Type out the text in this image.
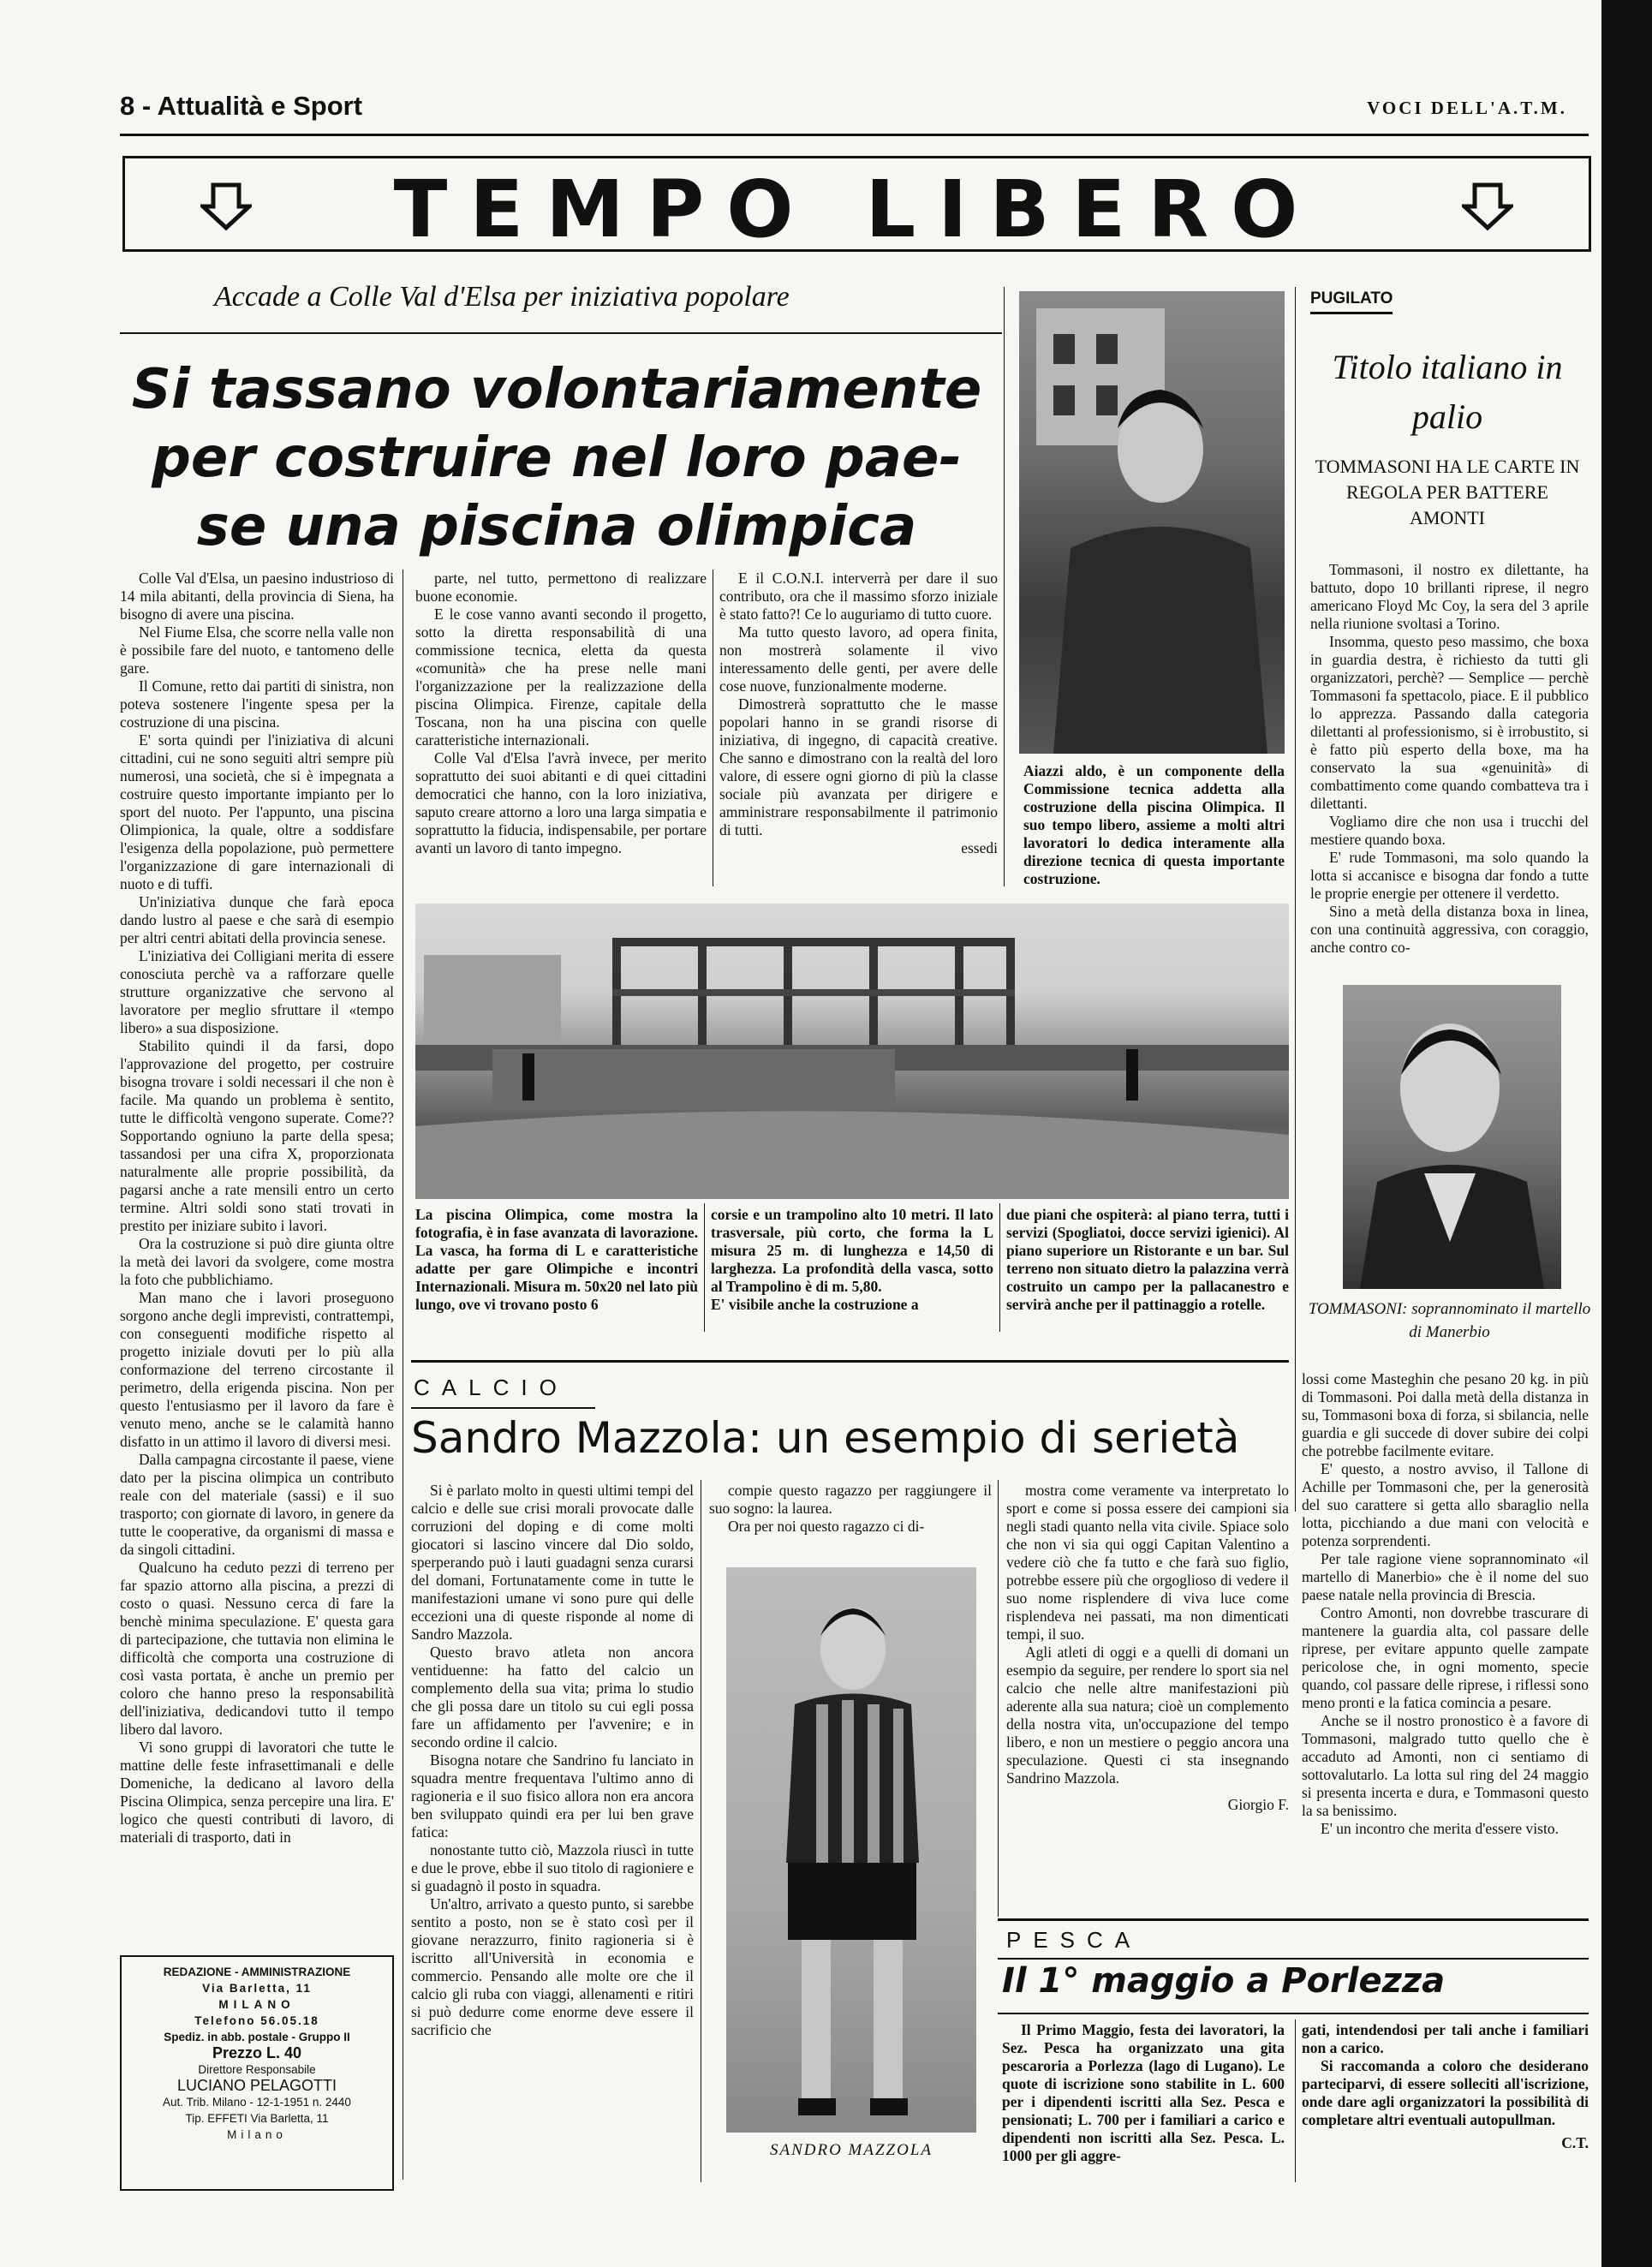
8 - Attualità e Sport	VOCI DELL'A.T.M.
TEMPO LIBERO
Accade a Colle Val d'Elsa per iniziativa popolare
Si tassano volontariamente
per costruire nel loro pae-
se una piscina olimpica

Colle Val d'Elsa, un paesino industrioso di 14 mila abitanti, della provincia di Siena, ha bisogno di avere una piscina.

Nel Fiume Elsa, che scorre nella valle non è possibile fare del nuoto, e tantomeno delle gare.

Il Comune, retto dai partiti di sinistra, non poteva sostenere l'ingente spesa per la costruzione di una piscina.

E' sorta quindi per l'iniziativa di alcuni cittadini, cui ne sono seguiti altri sempre più numerosi, una società, che si è impegnata a costruire questo importante impianto per lo sport del nuoto. Per l'appunto, una piscina Olimpionica, la quale, oltre a soddisfare l'esigenza della popolazione, può permettere l'organizzazione di gare internazionali di nuoto e di tuffi.

Un'iniziativa dunque che farà epoca dando lustro al paese e che sarà di esempio per altri centri abitati della provincia senese.

L'iniziativa dei Colligiani merita di essere conosciuta perchè va a rafforzare quelle strutture organizzative che servono al lavoratore per meglio sfruttare il «tempo libero» a sua disposizione.

Stabilito quindi il da farsi, dopo l'approvazione del progetto, per costruire bisogna trovare i soldi necessari il che non è facile. Ma quando un problema è sentito, tutte le difficoltà vengono superate. Come?? Sopportando ogniuno la parte della spesa; tassandosi per una cifra X, proporzionata naturalmente alle proprie possibilità, da pagarsi anche a rate mensili entro un certo termine. Altri soldi sono stati trovati in prestito per iniziare subito i lavori.

Ora la costruzione si può dire giunta oltre la metà dei lavori da svolgere, come mostra la foto che pubblichiamo.

Man mano che i lavori proseguono sorgono anche degli imprevisti, contrattempi, con conseguenti modifiche rispetto al progetto iniziale dovuti per lo più alla conformazione del terreno circostante il perimetro, della erigenda piscina. Non per questo l'entusiasmo per il lavoro da fare è venuto meno, anche se le calamità hanno disfatto in un attimo il lavoro di diversi mesi.

Dalla campagna circostante il paese, viene dato per la piscina olimpica un contributo reale con del materiale (sassi) e il suo trasporto; con giornate di lavoro, in genere da tutte le cooperative, da organismi di massa e da singoli cittadini.

Qualcuno ha ceduto pezzi di terreno per far spazio attorno alla piscina, a prezzi di costo o quasi. Nessuno cerca di fare la benchè minima speculazione. E' questa gara di partecipazione, che tuttavia non elimina le difficoltà che comporta una costruzione di così vasta portata, è anche un premio per coloro che hanno preso la responsabilità dell'iniziativa, dedicandovi tutto il tempo libero dal lavoro.

Vi sono gruppi di lavoratori che tutte le mattine delle feste infrasettimanali e delle Domeniche, la dedicano al lavoro della Piscina Olimpica, senza percepire una lira. E' logico che questi contributi di lavoro, di materiali di trasporto, dati in

parte, nel tutto, permettono di realizzare buone economie.

E le cose vanno avanti secondo il progetto, sotto la diretta responsabilità di una commissione tecnica, eletta da questa «comunità» che ha prese nelle mani l'organizzazione per la realizzazione della piscina Olimpica. Firenze, capitale della Toscana, non ha una piscina con quelle caratteristiche internazionali.

Colle Val d'Elsa l'avrà invece, per merito soprattutto dei suoi abitanti e di quei cittadini democratici che hanno, con la loro iniziativa, saputo creare attorno a loro una larga simpatia e soprattutto la fiducia, indispensabile, per portare avanti un lavoro di tanto impegno.

E il C.O.N.I. interverrà per dare il suo contributo, ora che il massimo sforzo iniziale è stato fatto?! Ce lo auguriamo di tutto cuore.

Ma tutto questo lavoro, ad opera finita, non mostrerà solamente il vivo interessamento delle genti, per avere delle cose nuove, funzionalmente moderne.

Dimostrerà soprattutto che le masse popolari hanno in se grandi risorse di iniziativa, di ingegno, di capacità creative. Che sanno e dimostrano con la realtà del loro valore, di essere ogni giorno di più la classe sociale più avanzata per dirigere e amministrare responsabilmente il patrimonio di tutti.

essedi
Aiazzi aldo, è un componente della Commissione tecnica addetta alla costruzione della piscina Olimpica. Il suo tempo libero, assieme a molti altri lavoratori lo dedica interamente alla direzione tecnica di questa importante costruzione.
La piscina Olimpica, come mostra la fotografia, è in fase avanzata di lavorazione. La vasca, ha forma di L e caratteristiche adatte per gare Olimpiche e incontri Internazionali. Misura m. 50x20 nel lato più lungo, ove vi trovano posto 6
corsie e un trampolino alto 10 metri. Il lato trasversale, più corto, che forma la L misura 25 m. di lunghezza e 14,50 di larghezza. La profondità della vasca, sotto al Trampolino è di m. 5,80.
E' visibile anche la costruzione a
due piani che ospiterà: al piano terra, tutti i servizi (Spogliatoi, docce servizi igienici). Al piano superiore un Ristorante e un bar. Sul terreno non situato dietro la palazzina verrà costruito un campo per la pallacanestro e servirà anche per il pattinaggio a rotelle.
PUGILATO
Titolo italiano in palio
TOMMASONI HA LE CARTE IN REGOLA PER BATTERE AMONTI

Tommasoni, il nostro ex dilettante, ha battuto, dopo 10 brillanti riprese, il negro americano Floyd Mc Coy, la sera del 3 aprile nella riunione svoltasi a Torino.

Insomma, questo peso massimo, che boxa in guardia destra, è richiesto da tutti gli organizzatori, perchè? — Semplice — perchè Tommasoni fa spettacolo, piace. E il pubblico lo apprezza. Passando dalla categoria dilettanti al professionismo, si è irrobustito, si è fatto più esperto della boxe, ma ha conservato la sua «genuinità» di combattimento come quando combatteva tra i dilettanti.

Vogliamo dire che non usa i trucchi del mestiere quando boxa.

E' rude Tommasoni, ma solo quando la lotta si accanisce e bisogna dar fondo a tutte le proprie energie per ottenere il verdetto.

Sino a metà della distanza boxa in linea, con una continuità aggressiva, con coraggio, anche contro co-

TOMMASONI: soprannominato il martello di Manerbio
CALCIO
Sandro Mazzola: un esempio di serietà

Si è parlato molto in questi ultimi tempi del calcio e delle sue crisi morali provocate dalle corruzioni del doping e di come molti giocatori si lascino vincere dal Dio soldo, sperperando può i lauti guadagni senza curarsi del domani, Fortunatamente come in tutte le manifestazioni umane vi sono pure qui delle eccezioni una di queste risponde al nome di Sandro Mazzola.

Questo bravo atleta non ancora ventiduenne: ha fatto del calcio un complemento della sua vita; prima lo studio che gli possa dare un titolo su cui egli possa fare un affidamento per l'avvenire; e in secondo ordine il calcio.

Bisogna notare che Sandrino fu lanciato in squadra mentre frequentava l'ultimo anno di ragioneria e il suo fisico allora non era ancora ben sviluppato quindi era per lui ben grave fatica:

nonostante tutto ciò, Mazzola riuscì in tutte e due le prove, ebbe il suo titolo di ragioniere e si guadagnò il posto in squadra.

Un'altro, arrivato a questo punto, si sarebbe sentito a posto, non se è stato così per il giovane nerazzurro, finito ragioneria si è iscritto all'Università in economia e commercio. Pensando alle molte ore che il calcio gli ruba con viaggi, allenamenti e ritiri si può dedurre come enorme deve essere il sacrificio che

compie questo ragazzo per raggiungere il suo sogno: la laurea.

Ora per noi questo ragazzo ci di-

SANDRO MAZZOLA

mostra come veramente va interpretato lo sport e come si possa essere dei campioni sia negli stadi quanto nella vita civile. Spiace solo che non vi sia qui oggi Capitan Valentino a vedere ciò che fa tutto e che farà suo figlio, potrebbe essere più che orgoglioso di vedere il suo nome risplendere di viva luce come risplendeva nei passati, ma non dimenticati tempi, il suo.

Agli atleti di oggi e a quelli di domani un esempio da seguire, per rendere lo sport sia nel calcio che nelle altre manifestazioni più aderente alla sua natura; cioè un complemento della nostra vita, un'occupazione del tempo libero, e non un mestiere o peggio ancora una speculazione. Questi ci sta insegnando Sandrino Mazzola.

Giorgio F.

lossi come Masteghin che pesano 20 kg. in più di Tommasoni. Poi dalla metà della distanza in su, Tommasoni boxa di forza, si sbilancia, nelle guardia e gli succede di dover subire dei colpi che potrebbe facilmente evitare.

E' questo, a nostro avviso, il Tallone di Achille per Tommasoni che, per la generosità del suo carattere si getta allo sbaraglio nella lotta, picchiando a due mani con velocità e potenza sorprendenti.

Per tale ragione viene soprannominato «il martello di Manerbio» che è il nome del suo paese natale nella provincia di Brescia.

Contro Amonti, non dovrebbe trascurare di mantenere la guardia alta, col passare delle riprese, per evitare appunto quelle zampate pericolose che, in ogni momento, specie quando, col passare delle riprese, i riflessi sono meno pronti e la fatica comincia a pesare.

Anche se il nostro pronostico è a favore di Tommasoni, malgrado tutto quello che è accaduto ad Amonti, non ci sentiamo di sottovalutarlo. La lotta sul ring del 24 maggio si presenta incerta e dura, e Tommasoni questo la sa benissimo.

E' un incontro che merita d'essere visto.

PESCA
Il 1° maggio a Porlezza

Il Primo Maggio, festa dei lavoratori, la Sez. Pesca ha organizzato una gita pescaroria a Porlezza (lago di Lugano). Le quote di iscrizione sono stabilite in L. 600 per i dipendenti iscritti alla Sez. Pesca e pensionati; L. 700 per i familiari a carico e dipendenti non iscritti alla Sez. Pesca. L. 1000 per gli aggre-

gati, intendendosi per tali anche i familiari non a carico.

Si raccomanda a coloro che desiderano parteciparvi, di essere solleciti all'iscrizione, onde dare agli organizzatori la possibilità di completare altri eventuali autopullman.

C.T.
REDAZIONE - AMMINISTRAZIONE
Via Barletta, 11
MILANO
Telefono 56.05.18
Spediz. in abb. postale - Gruppo II
Prezzo L. 40
Direttore Responsabile
LUCIANO PELAGOTTI
Aut. Trib. Milano - 12-1-1951 n. 2440
Tip. EFFETI Via Barletta, 11
Milano
